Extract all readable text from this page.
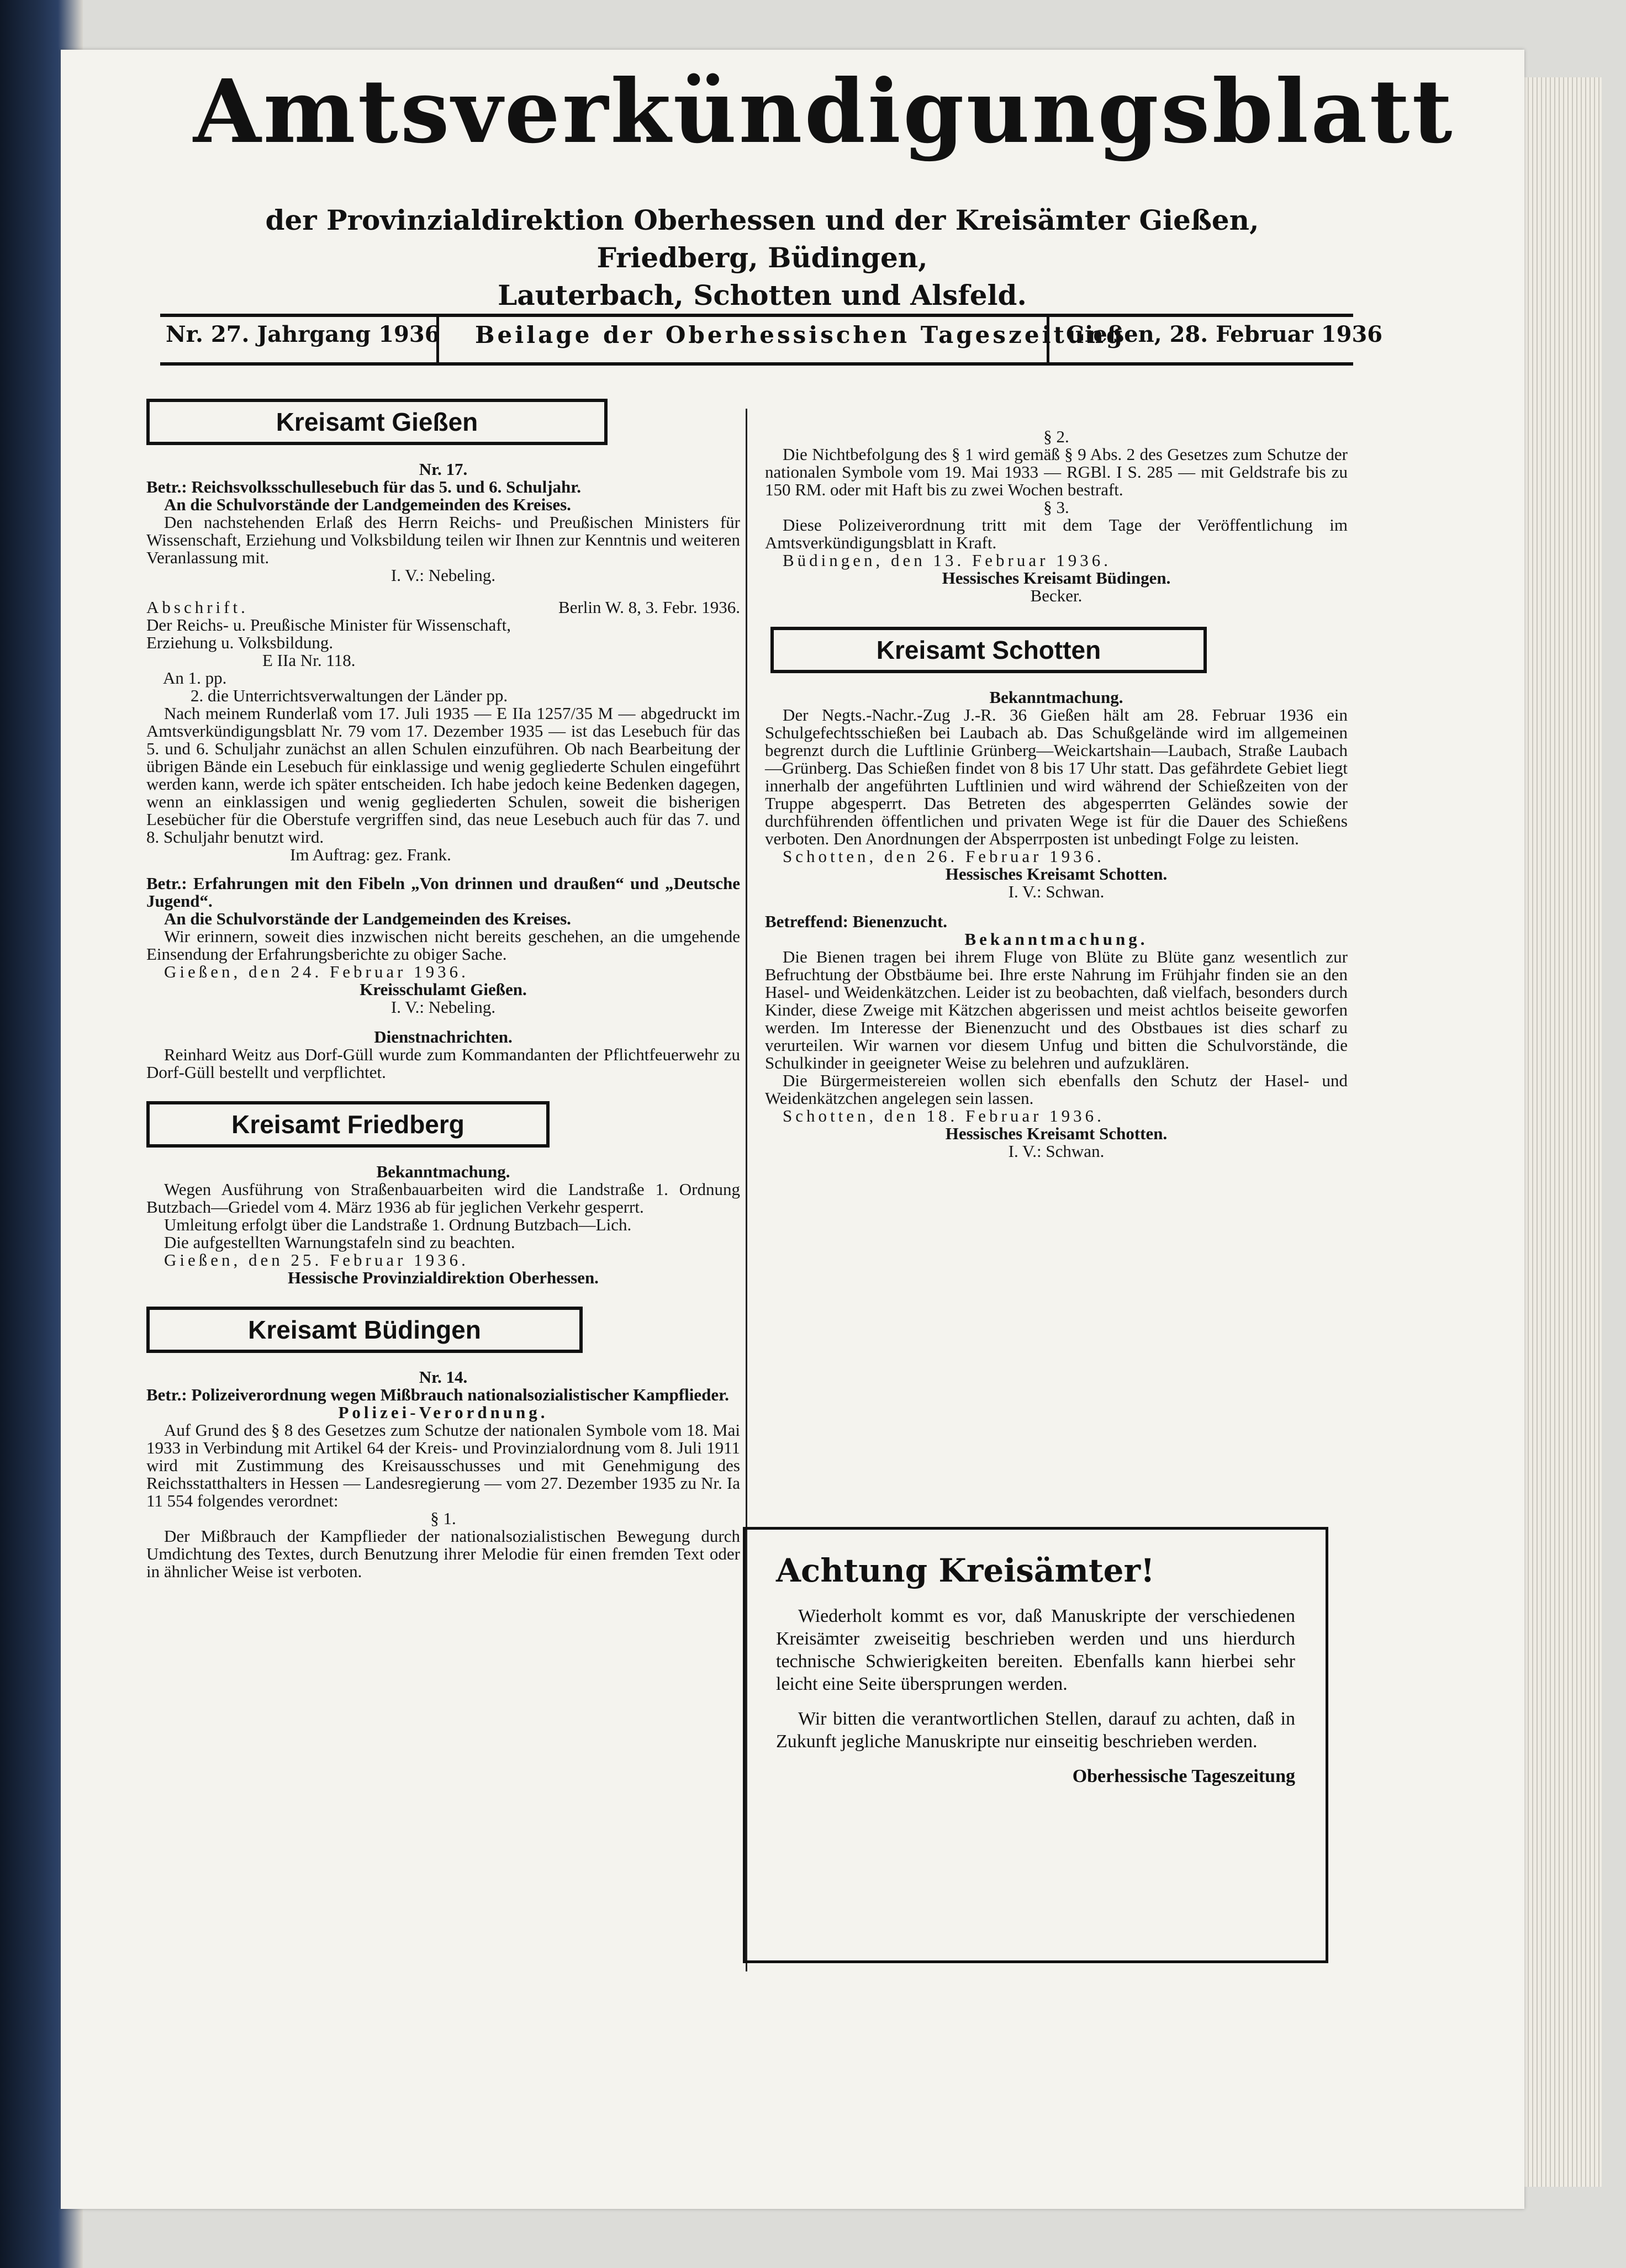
Amtsverkündigungsblatt
der Provinzialdirektion Oberhessen und der Kreisämter Gießen, Friedberg, Büdingen,
Lauterbach, Schotten und Alsfeld.
Nr. 27. Jahrgang 1936 Beilage der Oberhessischen Tageszeitung
Gießen, 28. Februar 1936
Kreisamt Gießen

Nr. 17.

Betr.: Reichsvolksschullesebuch für das 5. und 6. Schuljahr.

An die Schulvorstände der Landgemeinden des Kreises.

Den nachstehenden Erlaß des Herrn Reichs- und Preußischen Ministers für Wissenschaft, Erziehung und Volksbildung teilen wir Ihnen zur Kenntnis und weiteren Veranlassung mit.

I. V.: Nebeling.

Abschrift.	Berlin W. 8, 3. Febr. 1936.

Der Reichs- u. Preußische Minister für Wissenschaft, Erziehung u. Volksbildung.

E IIa Nr. 118.

An 1. pp.

2. die Unterrichtsverwaltungen der Länder pp.

Nach meinem Runderlaß vom 17. Juli 1935 — E IIa 1257/35 M — abgedruckt im Amtsverkündigungsblatt Nr. 79 vom 17. Dezember 1935 — ist das Lesebuch für das 5. und 6. Schuljahr zunächst an allen Schulen einzuführen. Ob nach Bearbeitung der übrigen Bände ein Lesebuch für einklassige und wenig gegliederte Schulen eingeführt werden kann, werde ich später entscheiden. Ich habe jedoch keine Bedenken dagegen, wenn an einklassigen und wenig gegliederten Schulen, soweit die bisherigen Lesebücher für die Oberstufe vergriffen sind, das neue Lesebuch auch für das 7. und 8. Schuljahr benutzt wird.

Im Auftrag: gez. Frank.

Betr.: Erfahrungen mit den Fibeln „Von drinnen und draußen“ und „Deutsche Jugend“.

An die Schulvorstände der Landgemeinden des Kreises.

Wir erinnern, soweit dies inzwischen nicht bereits geschehen, an die umgehende Einsendung der Erfahrungsberichte zu obiger Sache.

Gießen, den 24. Februar 1936.

Kreisschulamt Gießen.

I. V.: Nebeling.

Dienstnachrichten.

Reinhard Weitz aus Dorf-Güll wurde zum Kommandanten der Pflichtfeuerwehr zu Dorf-Güll bestellt und verpflichtet.

Kreisamt Friedberg

Bekanntmachung.

Wegen Ausführung von Straßenbauarbeiten wird die Landstraße 1. Ordnung Butzbach—Griedel vom 4. März 1936 ab für jeglichen Verkehr gesperrt.

Umleitung erfolgt über die Landstraße 1. Ordnung Butzbach—Lich.

Die aufgestellten Warnungstafeln sind zu beachten.

Gießen, den 25. Februar 1936.

Hessische Provinzialdirektion Oberhessen.

Kreisamt Büdingen

Nr. 14.

Betr.: Polizeiverordnung wegen Mißbrauch nationalsozialistischer Kampflieder.

Polizei-Verordnung.

Auf Grund des § 8 des Gesetzes zum Schutze der nationalen Symbole vom 18. Mai 1933 in Verbindung mit Artikel 64 der Kreis- und Provinzialordnung vom 8. Juli 1911 wird mit Zustimmung des Kreisausschusses und mit Genehmigung des Reichsstatthalters in Hessen — Landesregierung — vom 27. Dezember 1935 zu Nr. Ia 11 554 folgendes verordnet:

§ 1.

Der Mißbrauch der Kampflieder der nationalsozialistischen Bewegung durch Umdichtung des Textes, durch Benutzung ihrer Melodie für einen fremden Text oder in ähnlicher Weise ist verboten.

§ 2.

Die Nichtbefolgung des § 1 wird gemäß § 9 Abs. 2 des Gesetzes zum Schutze der nationalen Symbole vom 19. Mai 1933 — RGBl. I S. 285 — mit Geldstrafe bis zu 150 RM. oder mit Haft bis zu zwei Wochen bestraft.

§ 3.

Diese Polizeiverordnung tritt mit dem Tage der Veröffentlichung im Amtsverkündigungsblatt in Kraft.

Büdingen, den 13. Februar 1936.

Hessisches Kreisamt Büdingen.

Becker.

Kreisamt Schotten

Bekanntmachung.

Der Negts.-Nachr.-Zug J.-R. 36 Gießen hält am 28. Februar 1936 ein Schulgefechtsschießen bei Laubach ab. Das Schußgelände wird im allgemeinen begrenzt durch die Luftlinie Grünberg—Weickartshain—Laubach, Straße Laubach—Grünberg. Das Schießen findet von 8 bis 17 Uhr statt. Das gefährdete Gebiet liegt innerhalb der angeführten Luftlinien und wird während der Schießzeiten von der Truppe abgesperrt. Das Betreten des abgesperrten Geländes sowie der durchführenden öffentlichen und privaten Wege ist für die Dauer des Schießens verboten. Den Anordnungen der Absperrposten ist unbedingt Folge zu leisten.

Schotten, den 26. Februar 1936.

Hessisches Kreisamt Schotten.

I. V.: Schwan.

Betreffend: Bienenzucht.

Bekanntmachung.

Die Bienen tragen bei ihrem Fluge von Blüte zu Blüte ganz wesentlich zur Befruchtung der Obstbäume bei. Ihre erste Nahrung im Frühjahr finden sie an den Hasel- und Weidenkätzchen. Leider ist zu beobachten, daß vielfach, besonders durch Kinder, diese Zweige mit Kätzchen abgerissen und meist achtlos beiseite geworfen werden. Im Interesse der Bienenzucht und des Obstbaues ist dies scharf zu verurteilen. Wir warnen vor diesem Unfug und bitten die Schulvorstände, die Schulkinder in geeigneter Weise zu belehren und aufzuklären.

Die Bürgermeistereien wollen sich ebenfalls den Schutz der Hasel- und Weidenkätzchen angelegen sein lassen.

Schotten, den 18. Februar 1936.

Hessisches Kreisamt Schotten.

I. V.: Schwan.

Achtung Kreisämter!

Wiederholt kommt es vor, daß Manuskripte der verschiedenen Kreisämter zweiseitig beschrieben werden und uns hierdurch technische Schwierigkeiten bereiten. Ebenfalls kann hierbei sehr leicht eine Seite übersprungen werden.

Wir bitten die verantwortlichen Stellen, darauf zu achten, daß in Zukunft jegliche Manuskripte nur einseitig beschrieben werden.

Oberhessische Tageszeitung
